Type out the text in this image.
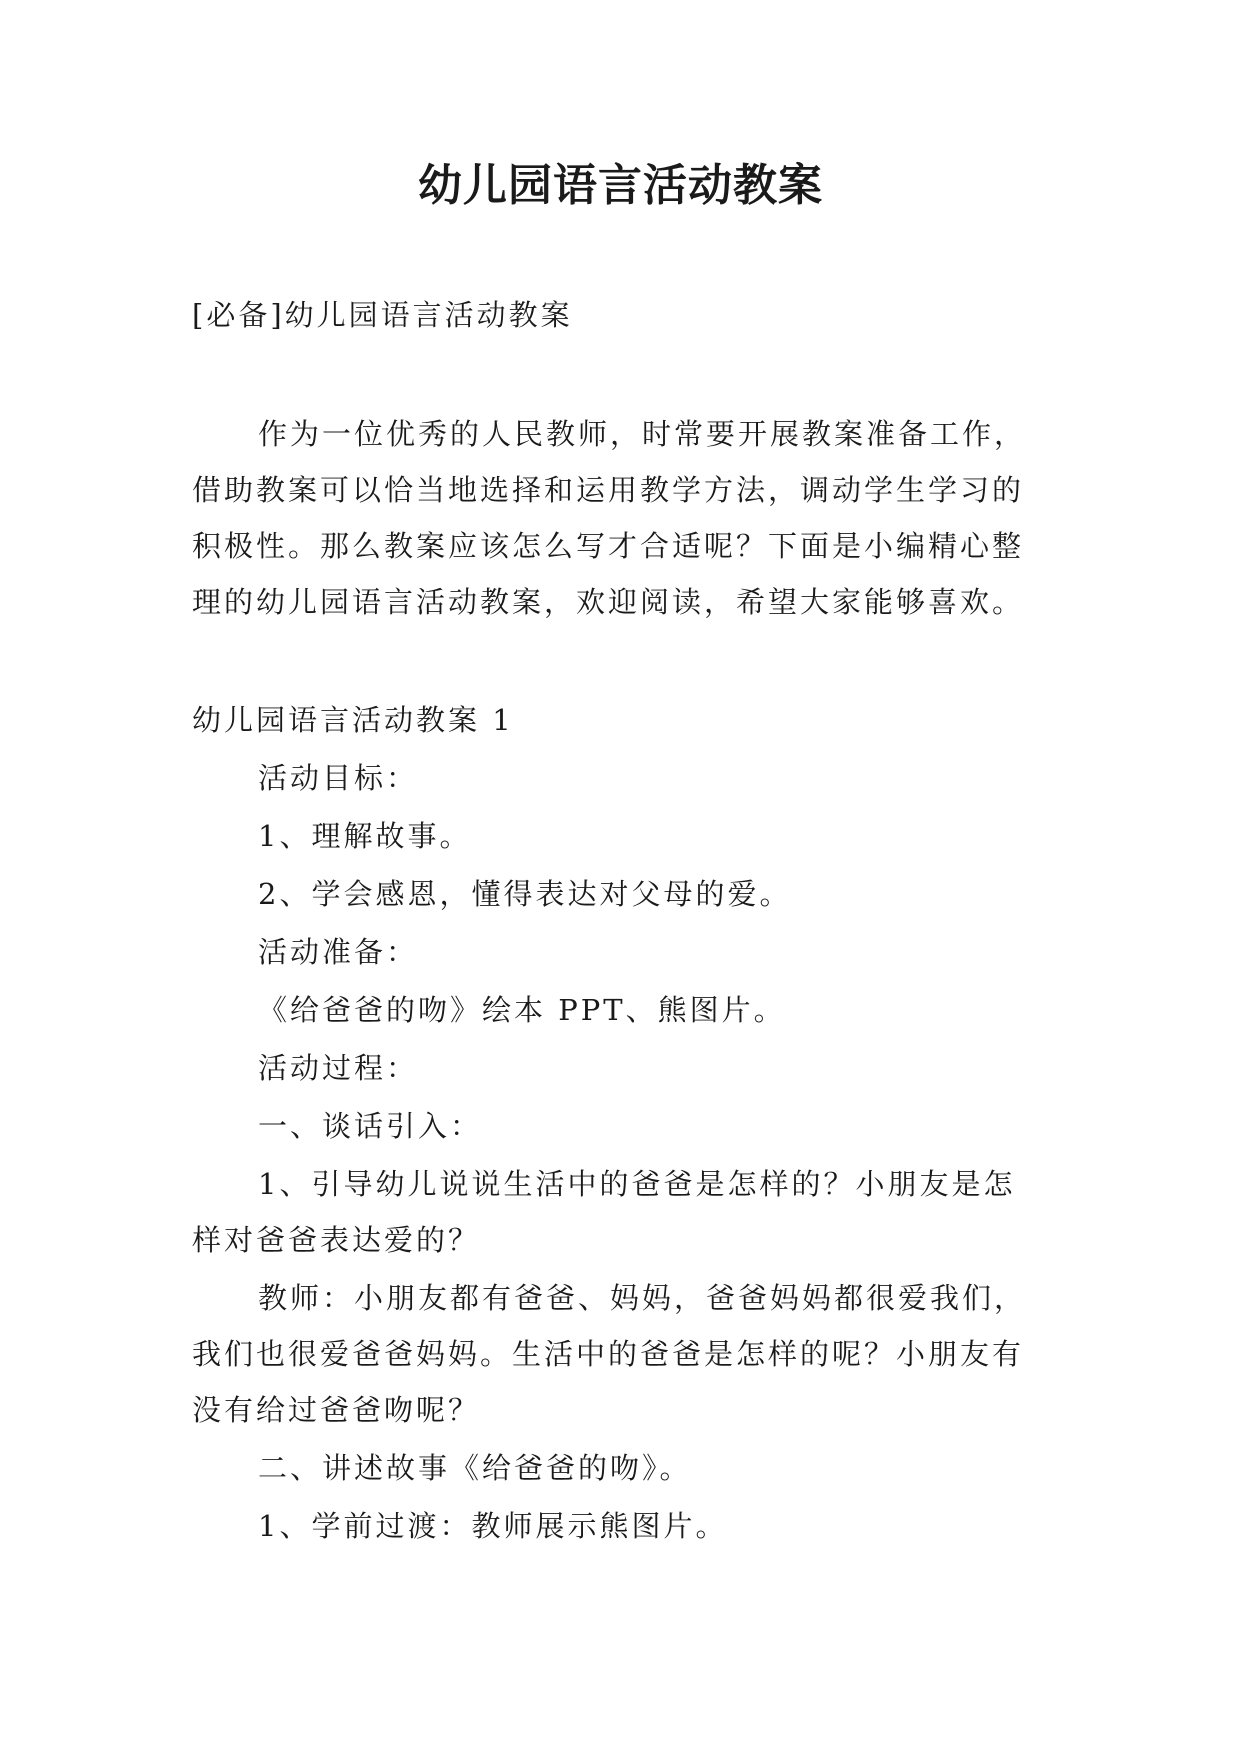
幼儿园语言活动教案

[必备]幼儿园语言活动教案

作为一位优秀的人民教师，时常要开展教案准备工作，

借助教案可以恰当地选择和运用教学方法，调动学生学习的

积极性。那么教案应该怎么写才合适呢？下面是小编精心整

理的幼儿园语言活动教案，欢迎阅读，希望大家能够喜欢。

幼儿园语言活动教案 1

活动目标：

1、理解故事。

2、学会感恩，懂得表达对父母的爱。

活动准备：

《给爸爸的吻》绘本 PPT、熊图片。

活动过程：

一、谈话引入：

1、引导幼儿说说生活中的爸爸是怎样的？小朋友是怎

样对爸爸表达爱的？

教师：小朋友都有爸爸、妈妈，爸爸妈妈都很爱我们，

我们也很爱爸爸妈妈。生活中的爸爸是怎样的呢？小朋友有

没有给过爸爸吻呢？

二、讲述故事《给爸爸的吻》。

1、学前过渡：教师展示熊图片。
